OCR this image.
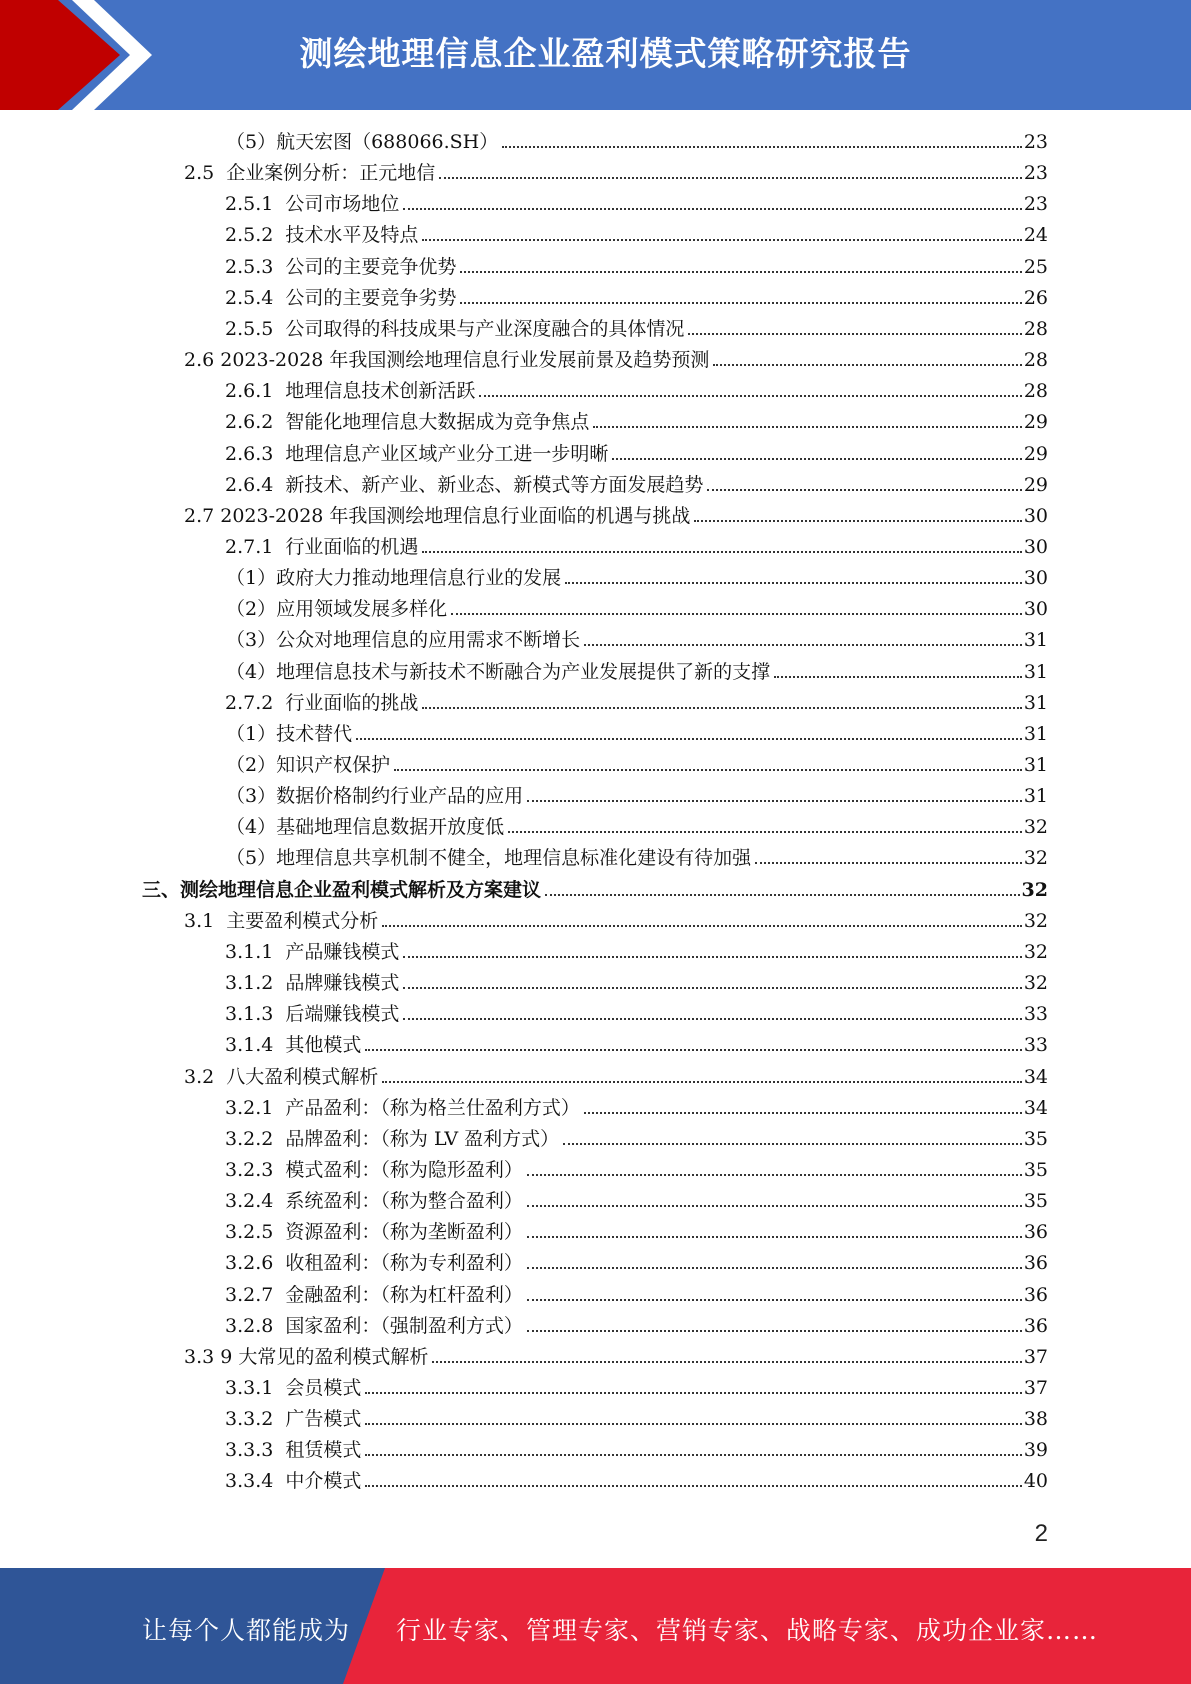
测绘地理信息企业盈利模式策略研究报告
（5）航天宏图（688066.SH）	23
2.5  企业案例分析：正元地信	23
2.5.1  公司市场地位	23
2.5.2  技术水平及特点	24
2.5.3  公司的主要竞争优势	25
2.5.4  公司的主要竞争劣势	26
2.5.5  公司取得的科技成果与产业深度融合的具体情况	28
2.6 2023-2028 年我国测绘地理信息行业发展前景及趋势预测	28
2.6.1  地理信息技术创新活跃	28
2.6.2  智能化地理信息大数据成为竞争焦点	29
2.6.3  地理信息产业区域产业分工进一步明晰	29
2.6.4  新技术、新产业、新业态、新模式等方面发展趋势	29
2.7 2023-2028 年我国测绘地理信息行业面临的机遇与挑战	30
2.7.1  行业面临的机遇	30
（1）政府大力推动地理信息行业的发展	30
（2）应用领域发展多样化	30
（3）公众对地理信息的应用需求不断增长	31
（4）地理信息技术与新技术不断融合为产业发展提供了新的支撑	31
2.7.2  行业面临的挑战	31
（1）技术替代	31
（2）知识产权保护	31
（3）数据价格制约行业产品的应用	31
（4）基础地理信息数据开放度低	32
（5）地理信息共享机制不健全，地理信息标准化建设有待加强	32
三、测绘地理信息企业盈利模式解析及方案建议	32
3.1  主要盈利模式分析	32
3.1.1  产品赚钱模式	32
3.1.2  品牌赚钱模式	32
3.1.3  后端赚钱模式	33
3.1.4  其他模式	33
3.2  八大盈利模式解析	34
3.2.1  产品盈利：（称为格兰仕盈利方式）	34
3.2.2  品牌盈利：（称为 LV 盈利方式）	35
3.2.3  模式盈利：（称为隐形盈利）	35
3.2.4  系统盈利：（称为整合盈利）	35
3.2.5  资源盈利：（称为垄断盈利）	36
3.2.6  收租盈利：（称为专利盈利）	36
3.2.7  金融盈利：（称为杠杆盈利）	36
3.2.8  国家盈利：（强制盈利方式）	36
3.3 9 大常见的盈利模式解析	37
3.3.1  会员模式	37
3.3.2  广告模式	38
3.3.3  租赁模式	39
3.3.4  中介模式	40
2
让每个人都能成为 行业专家、管理专家、营销专家、战略专家、成功企业家……
